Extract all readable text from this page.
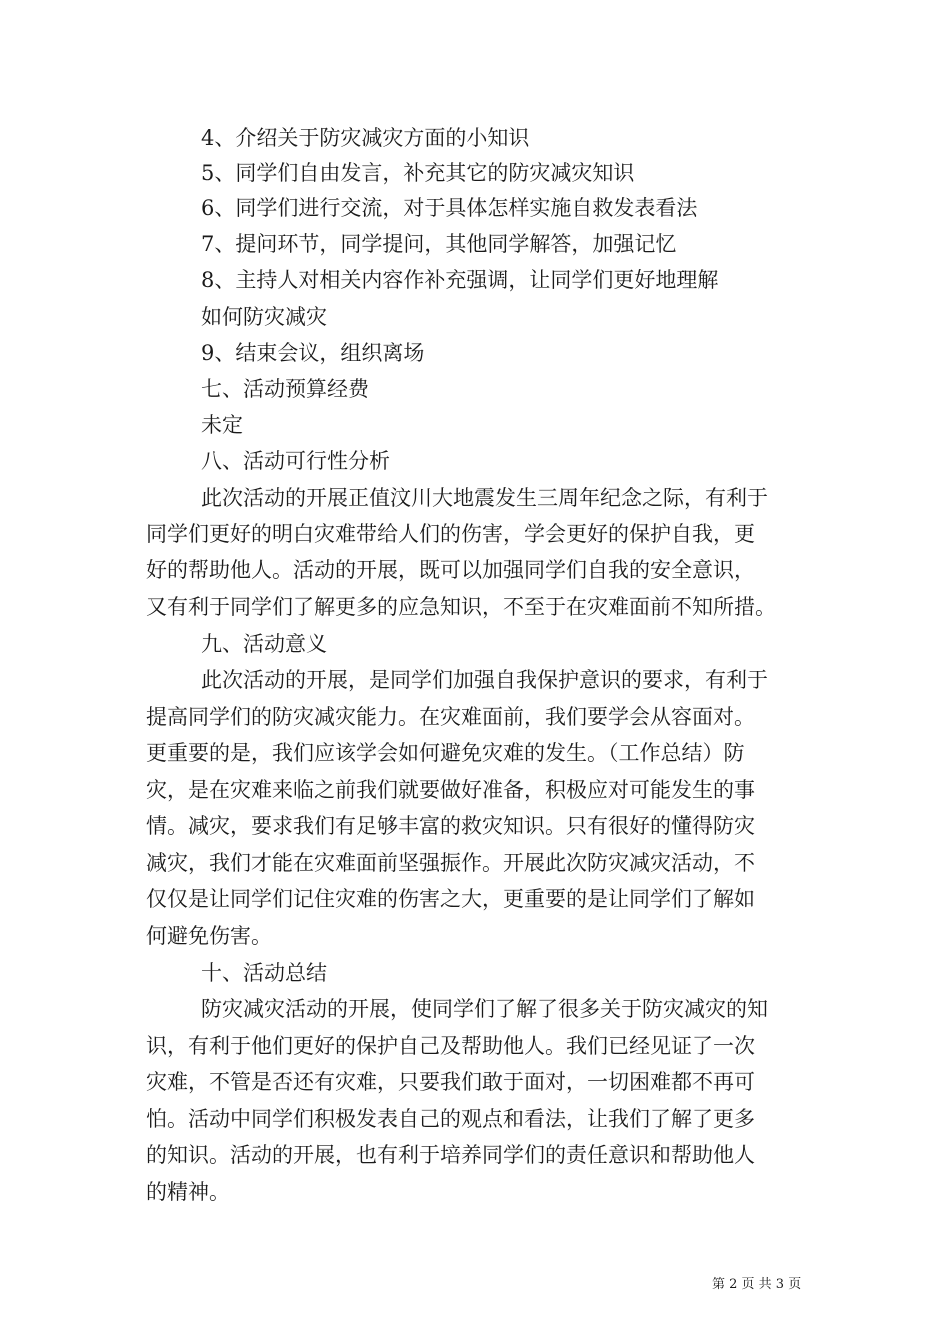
4、介绍关于防灾减灾方面的小知识

5、同学们自由发言，补充其它的防灾减灾知识

6、同学们进行交流，对于具体怎样实施自救发表看法

7、提问环节，同学提问，其他同学解答，加强记忆

8、主持人对相关内容作补充强调，让同学们更好地理解

如何防灾减灾

9、结束会议，组织离场

七、活动预算经费

未定

八、活动可行性分析

此次活动的开展正值汶川大地震发生三周年纪念之际，有利于

同学们更好的明白灾难带给人们的伤害，学会更好的保护自我，更

好的帮助他人。活动的开展，既可以加强同学们自我的安全意识，

又有利于同学们了解更多的应急知识，不至于在灾难面前不知所措。

九、活动意义

此次活动的开展，是同学们加强自我保护意识的要求，有利于

提高同学们的防灾减灾能力。在灾难面前，我们要学会从容面对。

更重要的是，我们应该学会如何避免灾难的发生。（工作总结）防

灾，是在灾难来临之前我们就要做好准备，积极应对可能发生的事

情。减灾，要求我们有足够丰富的救灾知识。只有很好的懂得防灾

减灾，我们才能在灾难面前坚强振作。开展此次防灾减灾活动，不

仅仅是让同学们记住灾难的伤害之大，更重要的是让同学们了解如

何避免伤害。

十、活动总结

防灾减灾活动的开展，使同学们了解了很多关于防灾减灾的知

识，有利于他们更好的保护自己及帮助他人。我们已经见证了一次

灾难，不管是否还有灾难，只要我们敢于面对，一切困难都不再可

怕。活动中同学们积极发表自己的观点和看法，让我们了解了更多

的知识。活动的开展，也有利于培养同学们的责任意识和帮助他人

的精神。

第 2 页 共 3 页
